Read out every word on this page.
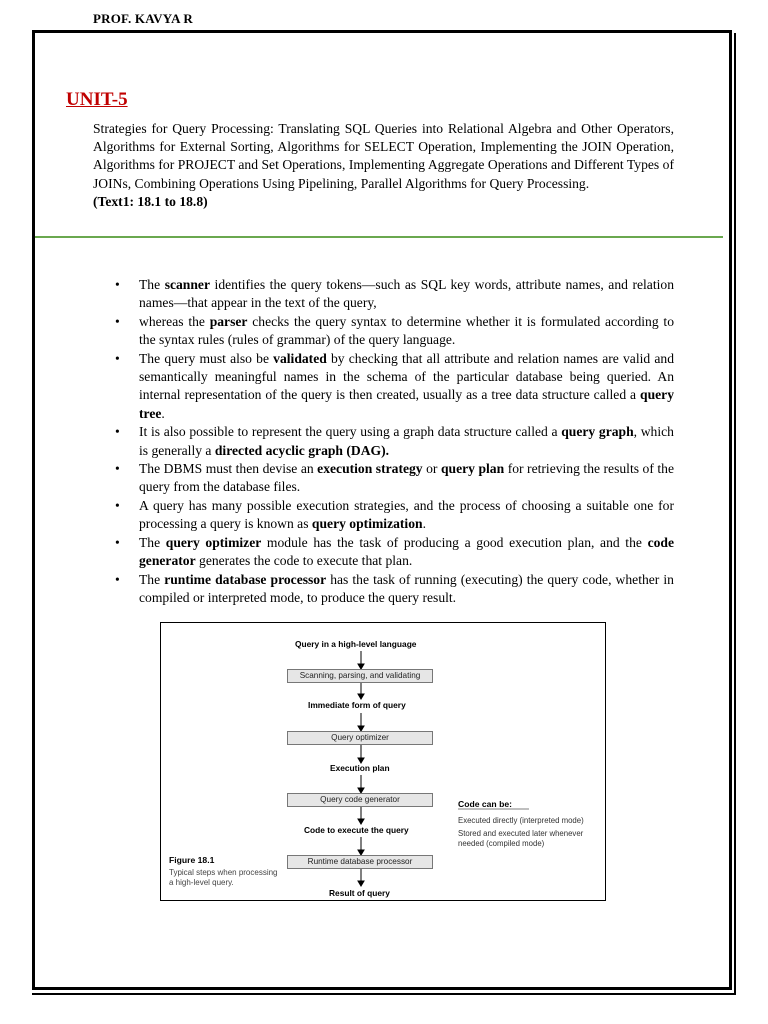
PROF. KAVYA R
UNIT-5
Strategies for Query Processing: Translating SQL Queries into Relational Algebra and Other Operators, Algorithms for External Sorting, Algorithms for SELECT Operation, Implementing the JOIN Operation, Algorithms for PROJECT and Set Operations, Implementing Aggregate Operations and Different Types of JOINs, Combining Operations Using Pipelining, Parallel Algorithms for Query Processing.
(Text1: 18.1 to 18.8)
• The scanner identifies the query tokens—such as SQL key words, attribute names, and relation names—that appear in the text of the query,
• whereas the parser checks the query syntax to determine whether it is formulated according to the syntax rules (rules of grammar) of the query language.
• The query must also be validated by checking that all attribute and relation names are valid and semantically meaningful names in the schema of the particular database being queried. An internal representation of the query is then created, usually as a tree data structure called a query tree.
• It is also possible to represent the query using a graph data structure called a query graph, which is generally a directed acyclic graph (DAG).
• The DBMS must then devise an execution strategy or query plan for retrieving the results of the query from the database files.
• A query has many possible execution strategies, and the process of choosing a suitable one for processing a query is known as query optimization.
• The query optimizer module has the task of producing a good execution plan, and the code generator generates the code to execute that plan.
• The runtime database processor has the task of running (executing) the query code, whether in compiled or interpreted mode, to produce the query result.
Query in a high-level language
Scanning, parsing, and validating
Immediate form of query
Query optimizer
Execution plan
Query code generator
Code to execute the query
Runtime database processor
Result of query
Figure 18.1
Typical steps when processing a high-level query.
Code can be:
Executed directly (interpreted mode)
Stored and executed later whenever
needed (compiled mode)
